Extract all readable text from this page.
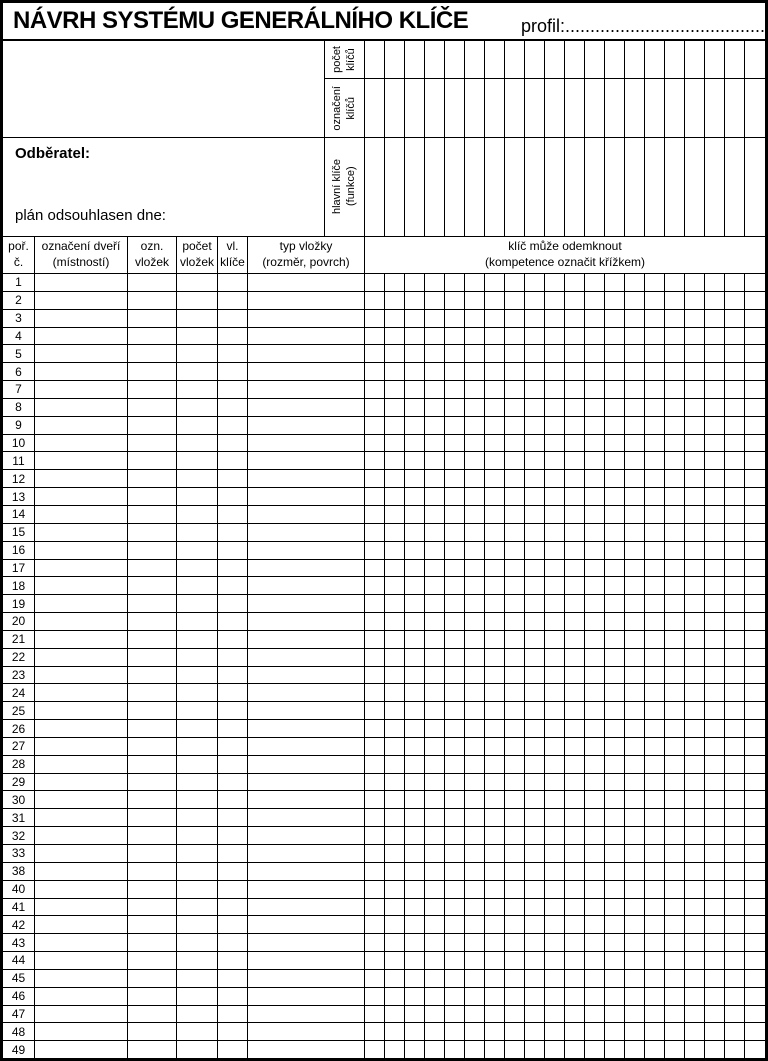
NÁVRH SYSTÉMU GENERÁLNÍHO KLÍČE	profil:........................................
Odběratel:
plán odsouhlasen dne:
počet klíčů
označení klíčů
hlavní klíče (funkce)
poř.
č.
označení dveří
(místností)
ozn.
vložek
počet
vložek
vl.
klíče
typ vložky
(rozměr, povrch)
klíč může odemknout
(kompetence označit křížkem)
1
2
3
4
5
6
7
8
9
10
11
12
13
14
15
16
17
18
19
20
21
22
23
24
25
26
27
28
29
30
31
32
33
38
40
41
42
43
44
45
46
47
48
49
